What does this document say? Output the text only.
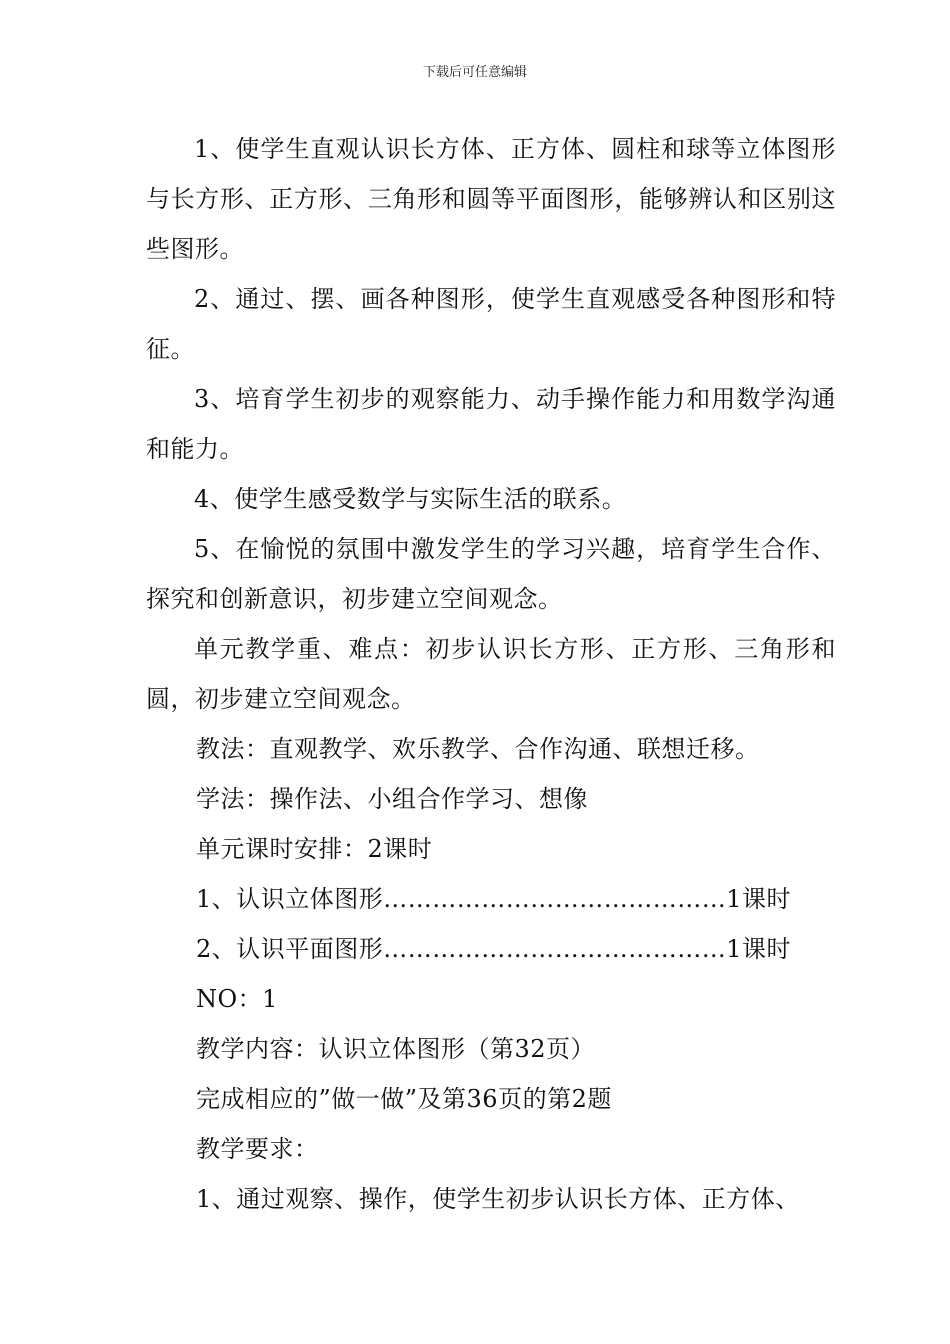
下载后可任意编辑

1、使学生直观认识长方体、正方体、圆柱和球等立体图形与长方形、正方形、三角形和圆等平面图形，能够辨认和区别这些图形。

2、通过、摆、画各种图形，使学生直观感受各种图形和特征。

3、培育学生初步的观察能力、动手操作能力和用数学沟通和能力。

4、使学生感受数学与实际生活的联系。

5、在愉悦的氛围中激发学生的学习兴趣，培育学生合作、探究和创新意识，初步建立空间观念。

单元教学重、难点：初步认识长方形、正方形、三角形和圆，初步建立空间观念。

教法：直观教学、欢乐教学、合作沟通、联想迁移。

学法：操作法、小组合作学习、想像

单元课时安排：2课时

1、认识立体图形……………………………………1课时

2、认识平面图形……………………………………1课时

NO：1

教学内容：认识立体图形（第32页）

完成相应的”做一做”及第36页的第2题

教学要求：

1、通过观察、操作，使学生初步认识长方体、正方体、
